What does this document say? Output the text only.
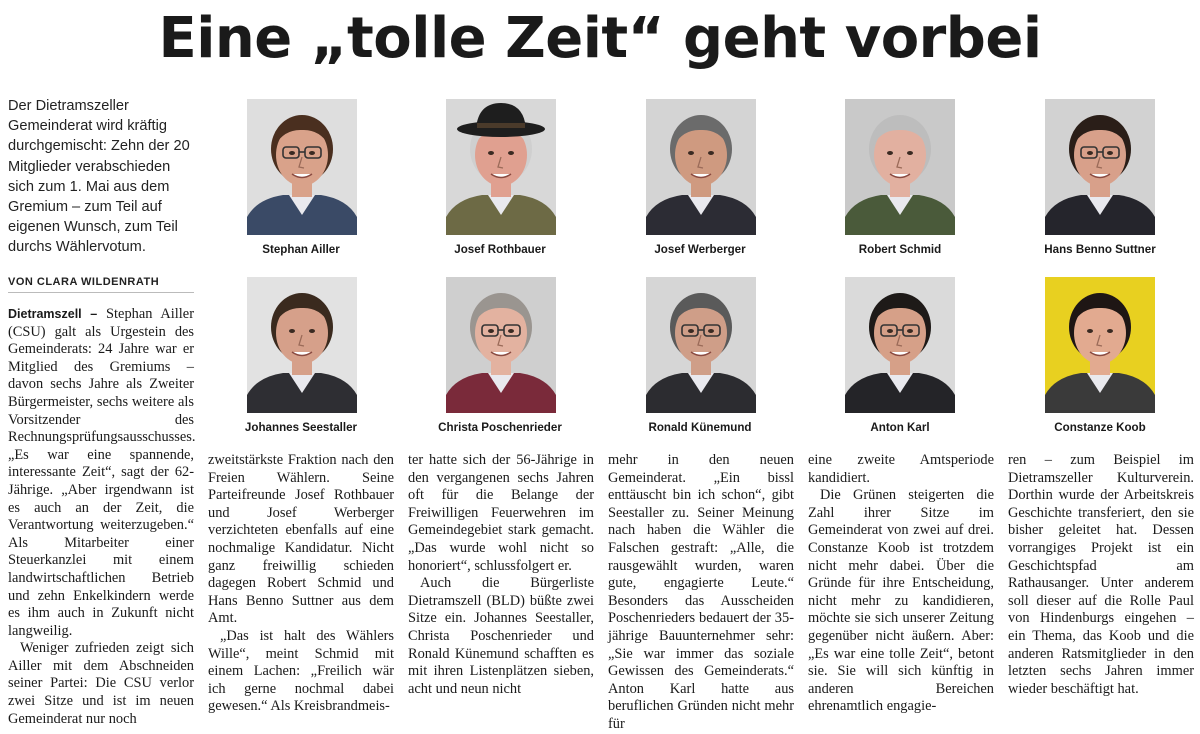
Eine „tolle Zeit“ geht vorbei
Der Dietramszeller Gemeinderat wird kräftig durchgemischt: Zehn der 20 Mitglieder verabschieden sich zum 1. Mai aus dem Gremium – zum Teil auf eigenen Wunsch, zum Teil durchs Wählervotum.
VON CLARA WILDENRATH
Stephan Ailler	Josef Rothbauer	Josef Werberger	Robert Schmid	Hans Benno Suttner
Johannes Seestaller	Christa Poschenrieder	Ronald Künemund	Anton Karl	Constanze Koob

Dietramszell – Stephan Ailler (CSU) galt als Urgestein des Gemeinderats: 24 Jahre war er Mitglied des Gremiums – davon sechs Jahre als Zweiter Bürgermeister, sechs weitere als Vorsitzender des Rechnungsprüfungsausschusses. „Es war eine spannende, interessante Zeit“, sagt der 62-Jährige. „Aber irgendwann ist es auch an der Zeit, die Verantwortung weiterzugeben.“ Als Mitarbeiter einer Steuerkanzlei mit einem landwirtschaftlichen Betrieb und zehn Enkelkindern werde es ihm auch in Zukunft nicht langweilig.

Weniger zufrieden zeigt sich Ailler mit dem Abschneiden seiner Partei: Die CSU verlor zwei Sitze und ist im neuen Gemeinderat nur noch

zweitstärkste Fraktion nach den Freien Wählern. Seine Parteifreunde Josef Rothbauer und Josef Werberger verzichteten ebenfalls auf eine nochmalige Kandidatur. Nicht ganz freiwillig schieden dagegen Robert Schmid und Hans Benno Suttner aus dem Amt.

„Das ist halt des Wählers Wille“, meint Schmid mit einem Lachen: „Freilich wär ich gerne nochmal dabei gewesen.“ Als Kreisbrandmeis-

ter hatte sich der 56-Jährige in den vergangenen sechs Jahren oft für die Belange der Freiwilligen Feuerwehren im Gemeindegebiet stark gemacht. „Das wurde wohl nicht so honoriert“, schlussfolgert er.

Auch die Bürgerliste Dietramszell (BLD) büßte zwei Sitze ein. Johannes Seestaller, Christa Poschenrieder und Ronald Künemund schafften es mit ihren Listenplätzen sieben, acht und neun nicht

mehr in den neuen Gemeinderat. „Ein bissl enttäuscht bin ich schon“, gibt Seestaller zu. Seiner Meinung nach haben die Wähler die Falschen gestraft: „Alle, die rausgewählt wurden, waren gute, engagierte Leute.“ Besonders das Ausscheiden Poschenrieders bedauert der 35-jährige Bauunternehmer sehr: „Sie war immer das soziale Gewissen des Gemeinderats.“ Anton Karl hatte aus beruflichen Gründen nicht mehr für

eine zweite Amtsperiode kandidiert.

Die Grünen steigerten die Zahl ihrer Sitze im Gemeinderat von zwei auf drei. Constanze Koob ist trotzdem nicht mehr dabei. Über die Gründe für ihre Entscheidung, nicht mehr zu kandidieren, möchte sie sich unserer Zeitung gegenüber nicht äußern. Aber: „Es war eine tolle Zeit“, betont sie. Sie will sich künftig in anderen Bereichen ehrenamtlich engagie-

ren – zum Beispiel im Dietramszeller Kulturverein. Dorthin wurde der Arbeitskreis Geschichte transferiert, den sie bisher geleitet hat. Dessen vorrangiges Projekt ist ein Geschichtspfad am Rathausanger. Unter anderem soll dieser auf die Rolle Paul von Hindenburgs eingehen – ein Thema, das Koob und die anderen Ratsmitglieder in den letzten sechs Jahren immer wieder beschäftigt hat.
